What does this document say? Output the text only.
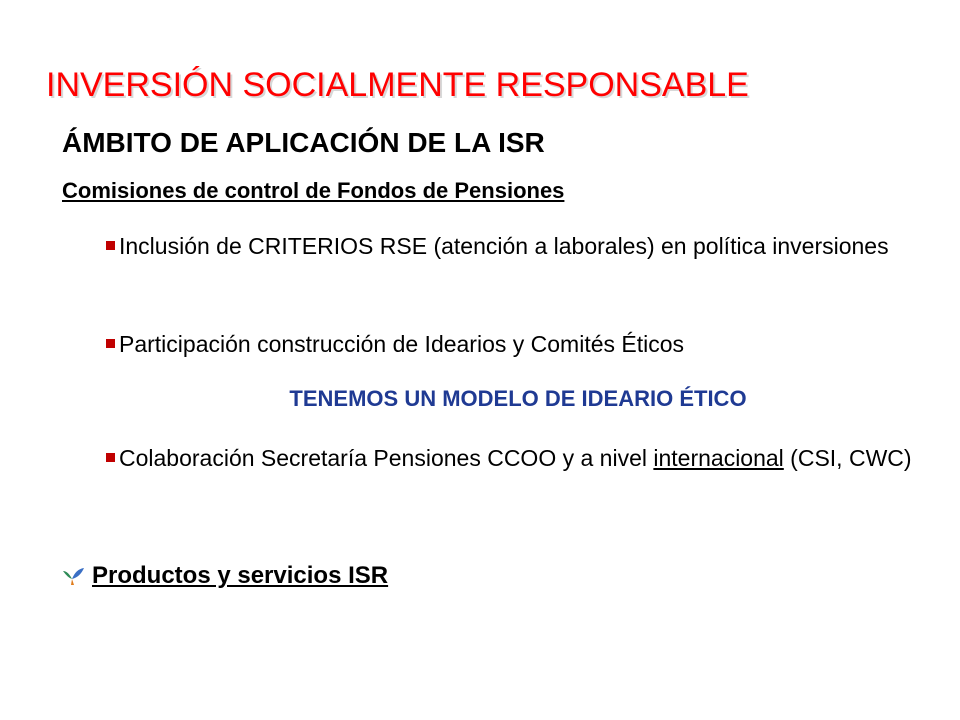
INVERSIÓN SOCIALMENTE RESPONSABLE
ÁMBITO DE APLICACIÓN DE LA ISR
Comisiones de control de Fondos de Pensiones
Inclusión de CRITERIOS RSE (atención a laborales) en política inversiones
Participación construcción de Idearios y Comités Éticos
TENEMOS UN MODELO DE IDEARIO ÉTICO
Colaboración Secretaría Pensiones CCOO y a nivel internacional (CSI, CWC)
Productos y servicios ISR
